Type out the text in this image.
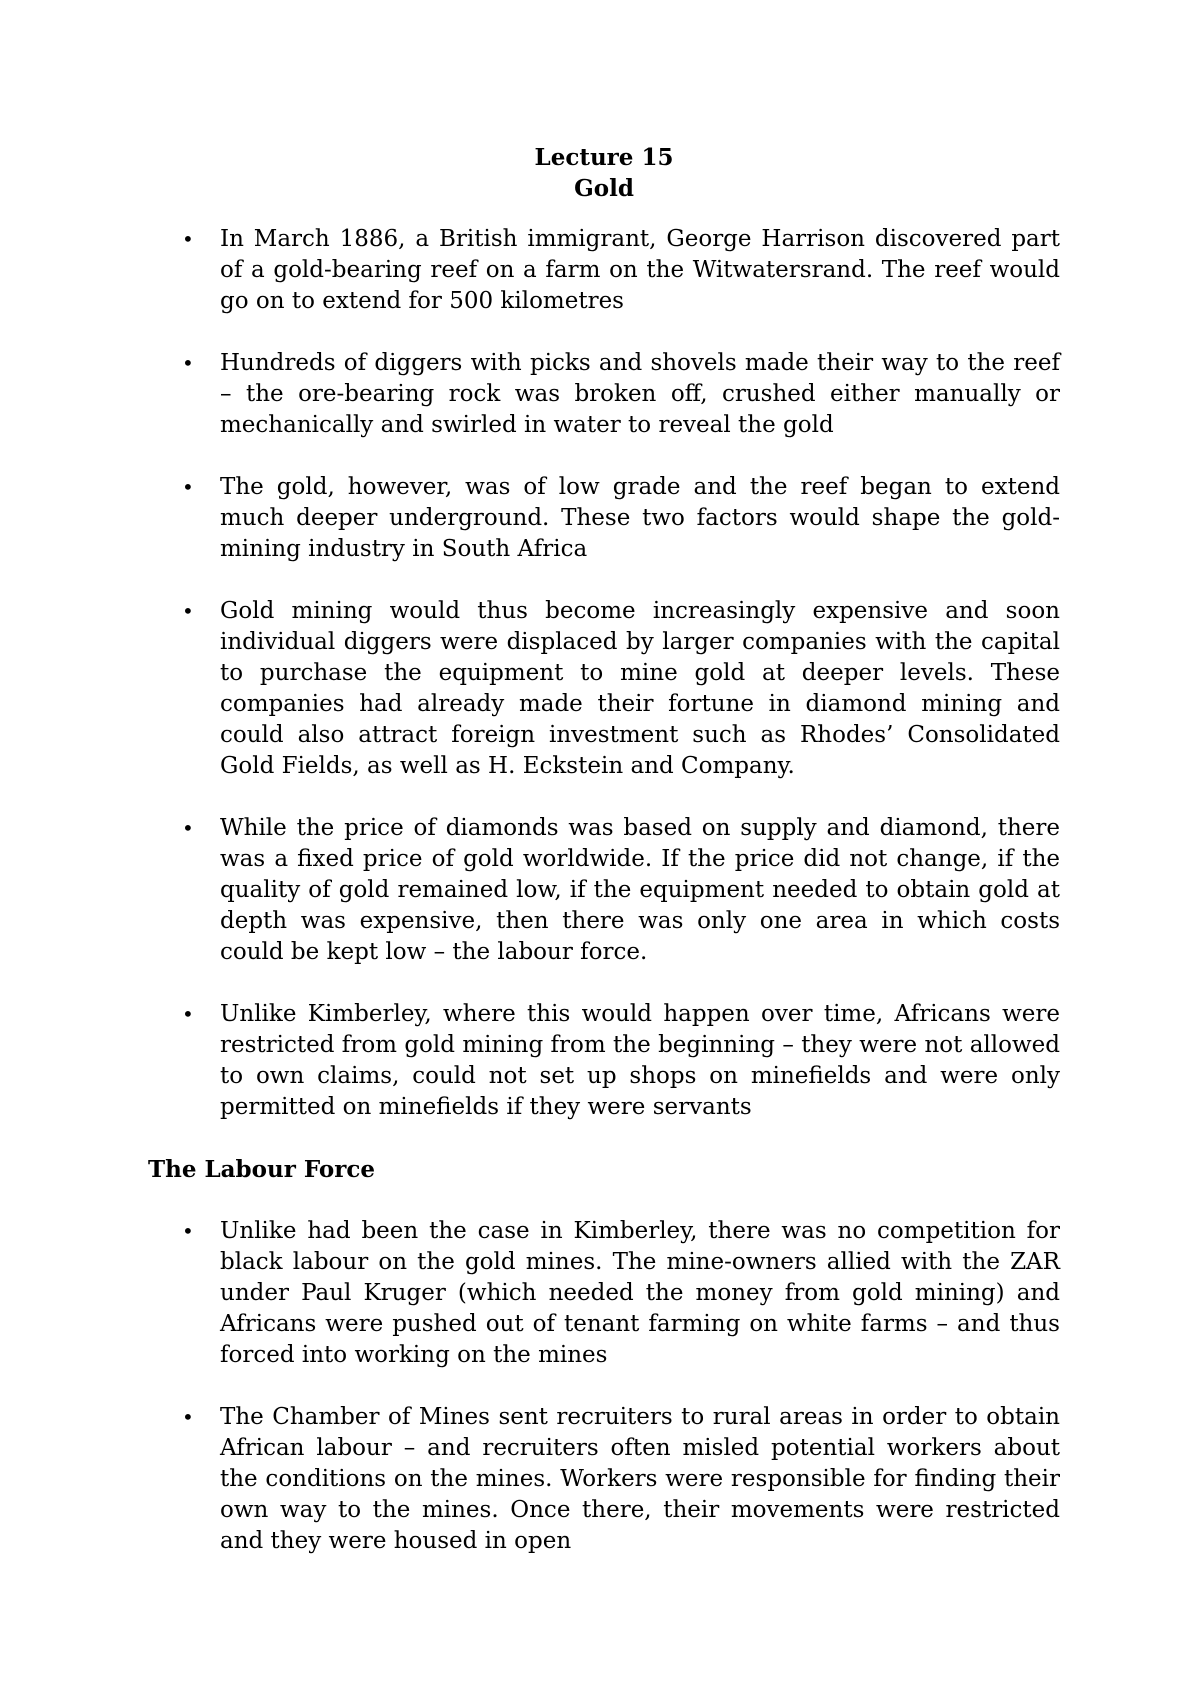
Lecture 15
Gold
• In March 1886, a British immigrant, George Harrison discovered part of a gold-bearing reef on a farm on the Witwatersrand. The reef would go on to extend for 500 kilometres
• Hundreds of diggers with picks and shovels made their way to the reef – the ore-bearing rock was broken off, crushed either manually or mechanically and swirled in water to reveal the gold
• The gold, however, was of low grade and the reef began to extend much deeper underground. These two factors would shape the gold-mining industry in South Africa
• Gold mining would thus become increasingly expensive and soon individual diggers were displaced by larger companies with the capital to purchase the equipment to mine gold at deeper levels. These companies had already made their fortune in diamond mining and could also attract foreign investment such as Rhodes’ Consolidated Gold Fields, as well as H. Eckstein and Company.
• While the price of diamonds was based on supply and diamond, there was a fixed price of gold worldwide. If the price did not change, if the quality of gold remained low, if the equipment needed to obtain gold at depth was expensive, then there was only one area in which costs could be kept low – the labour force.
• Unlike Kimberley, where this would happen over time, Africans were restricted from gold mining from the beginning – they were not allowed to own claims, could not set up shops on minefields and were only permitted on minefields if they were servants
The Labour Force
• Unlike had been the case in Kimberley, there was no competition for black labour on the gold mines. The mine-owners allied with the ZAR under Paul Kruger (which needed the money from gold mining) and Africans were pushed out of tenant farming on white farms – and thus forced into working on the mines
• The Chamber of Mines sent recruiters to rural areas in order to obtain African labour – and recruiters often misled potential workers about the conditions on the mines. Workers were responsible for finding their own way to the mines. Once there, their movements were restricted and they were housed in open
